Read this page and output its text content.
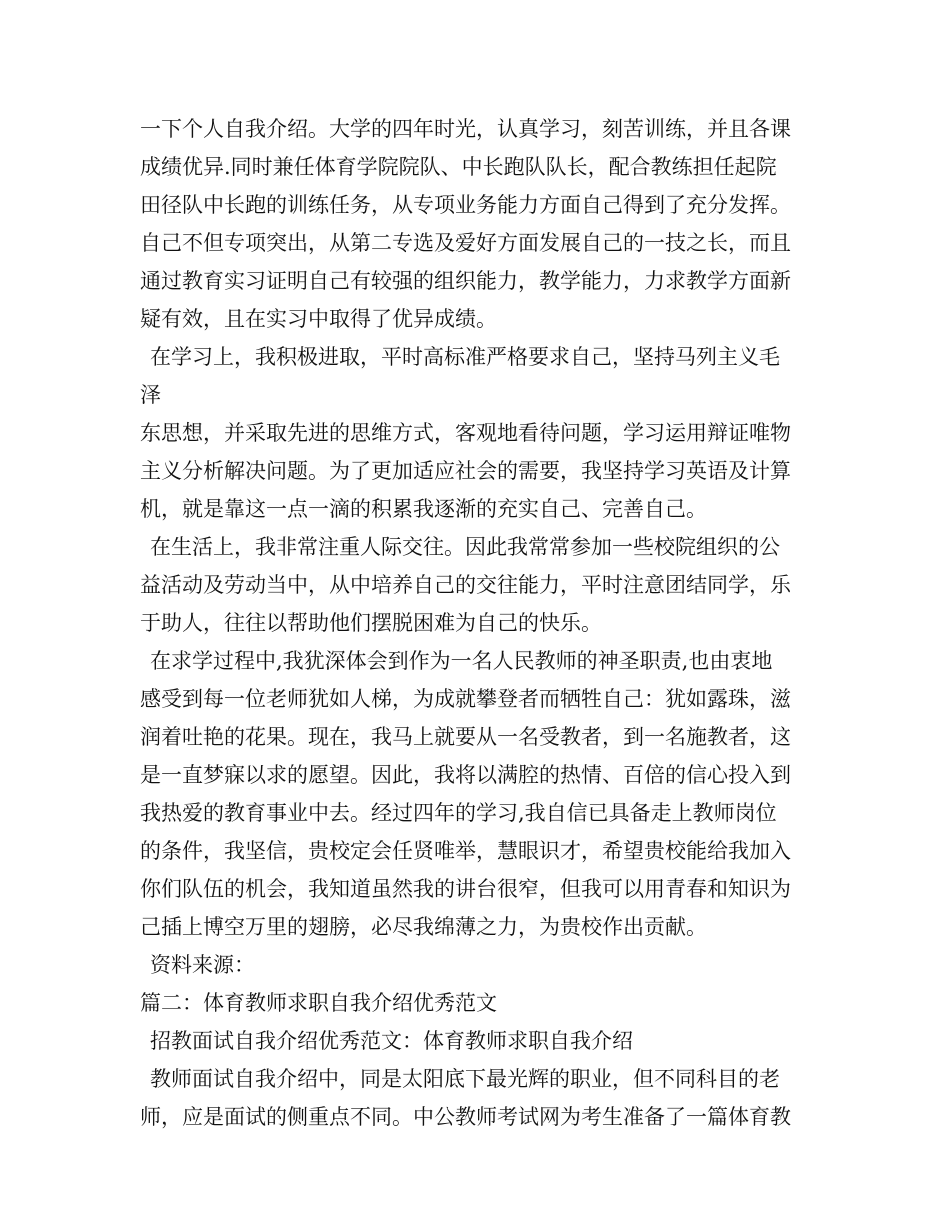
一下个人自我介绍。大学的四年时光，认真学习，刻苦训练，并且各课
成绩优异.同时兼任体育学院院队、中长跑队队长，配合教练担任起院
田径队中长跑的训练任务，从专项业务能力方面自己得到了充分发挥。
自己不但专项突出，从第二专选及爱好方面发展自己的一技之长，而且
通过教育实习证明自己有较强的组织能力，教学能力，力求教学方面新
疑有效，且在实习中取得了优异成绩。
在学习上，我积极进取，平时高标准严格要求自己，坚持马列主义毛
泽
东思想，并采取先进的思维方式，客观地看待问题，学习运用辩证唯物
主义分析解决问题。为了更加适应社会的需要，我坚持学习英语及计算
机，就是靠这一点一滴的积累我逐渐的充实自己、完善自己。
在生活上，我非常注重人际交往。因此我常常参加一些校院组织的公
益活动及劳动当中，从中培养自己的交往能力，平时注意团结同学，乐
于助人，往往以帮助他们摆脱困难为自己的快乐。
在求学过程中,我犹深体会到作为一名人民教师的神圣职责,也由衷地
感受到每一位老师犹如人梯，为成就攀登者而牺牲自己：犹如露珠，滋
润着吐艳的花果。现在，我马上就要从一名受教者，到一名施教者，这
是一直梦寐以求的愿望。因此，我将以满腔的热情、百倍的信心投入到
我热爱的教育事业中去。经过四年的学习,我自信已具备走上教师岗位
的条件，我坚信，贵校定会任贤唯举，慧眼识才，希望贵校能给我加入
你们队伍的机会，我知道虽然我的讲台很窄，但我可以用青春和知识为
己插上博空万里的翅膀，必尽我绵薄之力，为贵校作出贡献。
资料来源：
篇二：体育教师求职自我介绍优秀范文
招教面试自我介绍优秀范文：体育教师求职自我介绍
教师面试自我介绍中，同是太阳底下最光辉的职业，但不同科目的老
师，应是面试的侧重点不同。中公教师考试网为考生准备了一篇体育教
